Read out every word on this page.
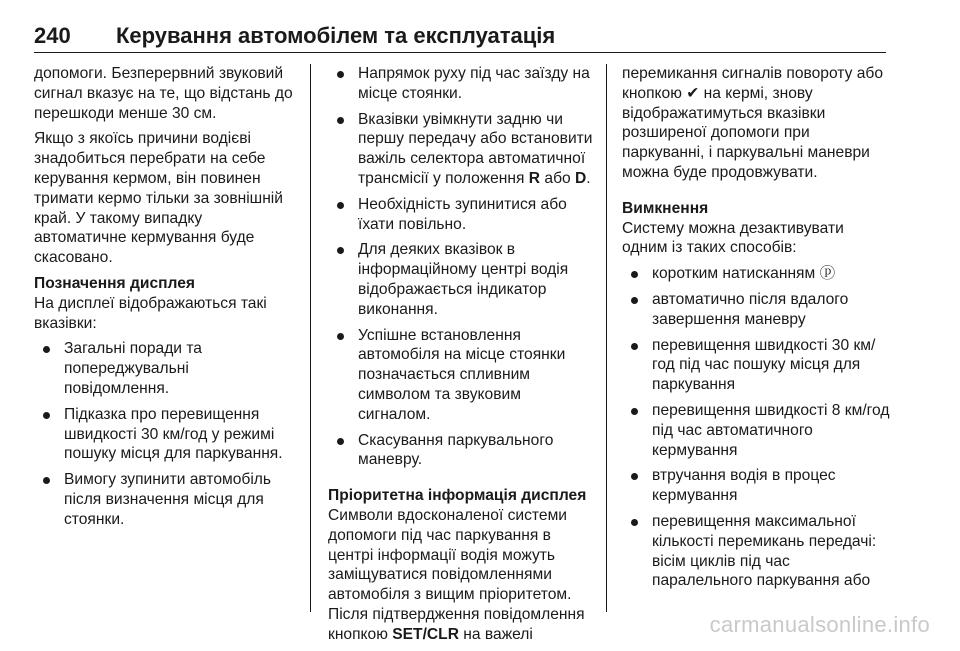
240 Керування автомобілем та експлуатація

допомоги. Безперервний звуковий сигнал вказує на те, що відстань до перешкоди менше 30 см.

Якщо з якоїсь причини водієві знадобиться перебрати на себе керування кермом, він повинен тримати кермо тільки за зовнішній край. У такому випадку автоматичне кермування буде скасовано.

Позначення дисплея

На дисплеї відображаються такі вказівки:

Загальні поради та попереджувальні повідомлення.
Підказка про перевищення швидкості 30 км/год у режимі пошуку місця для паркування.
Вимогу зупинити автомобіль після визначення місця для стоянки.
Напрямок руху під час заїзду на місце стоянки.
Вказівки увімкнути задню чи першу передачу або встановити важіль селектора автоматичної трансмісії у положення R або D.
Необхідність зупинитися або їхати повільно.
Для деяких вказівок в інформаційному центрі водія відображається індикатор виконання.
Успішне встановлення автомобіля на місце стоянки позначається спливним символом та звуковим сигналом.
Скасування паркувального маневру.

Пріоритетна інформація дисплея

Символи вдосконаленої системи допомоги під час паркування в центрі інформації водія можуть заміщуватися повідомленнями автомобіля з вищим пріоритетом. Після підтвердження повідомлення кнопкою SET/CLR на важелі

перемикання сигналів повороту або кнопкою ✔ на кермі, знову відображатимуться вказівки розширеної допомоги при паркуванні, і паркувальні маневри можна буде продовжувати.

Вимкнення

Систему можна дезактивувати одним із таких способів:

коротким натисканням ⓟ
автоматично після вдалого завершення маневру
перевищення швидкості 30 км/год під час пошуку місця для паркування
перевищення швидкості 8 км/год під час автоматичного кермування
втручання водія в процес кермування
перевищення максимальної кількості перемикань передачі: вісім циклів під час паралельного паркування або
carmanualsonline.info
